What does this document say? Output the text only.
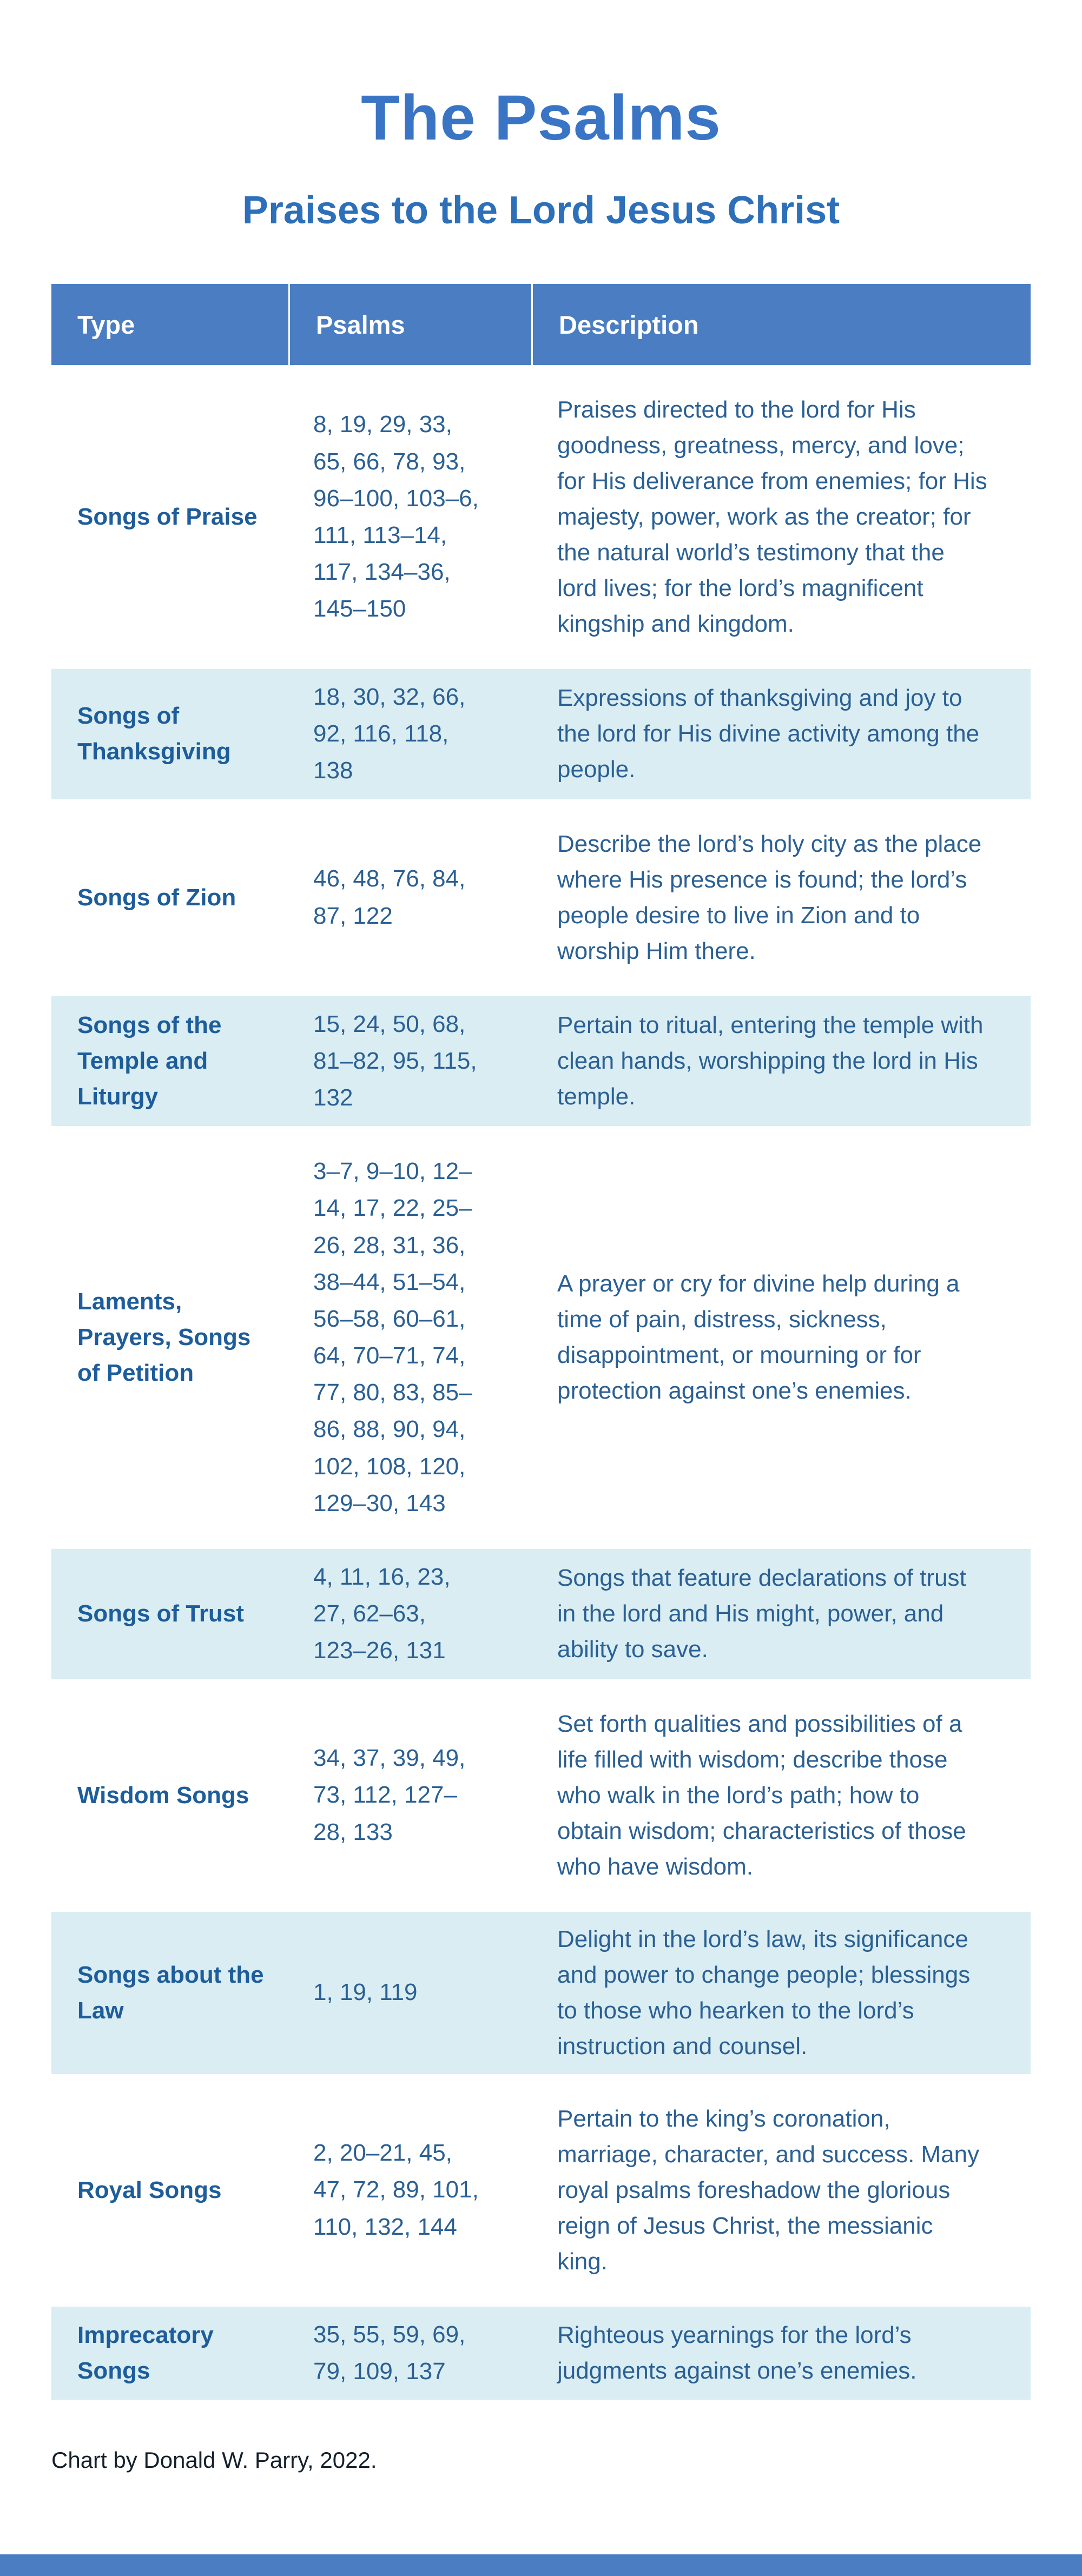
The Psalms
Praises to the Lord Jesus Christ
Type	Psalms	Description
Songs of Praise
8, 19, 29, 33, 65, 66, 78, 93, 96–100, 103–6, 111, 113–14, 117, 134–36, 145–150
Praises directed to the lord for His goodness, greatness, mercy, and love; for His deliverance from enemies; for His majesty, power, work as the creator; for the natural world’s testimony that the lord lives; for the lord’s magnificent kingship and kingdom.
Songs of Thanksgiving
18, 30, 32, 66, 92, 116, 118, 138
Expressions of thanksgiving and joy to the lord for His divine activity among the people.
Songs of Zion
46, 48, 76, 84, 87, 122
Describe the lord’s holy city as the place where His presence is found; the lord’s people desire to live in Zion and to worship Him there.
Songs of the Temple and Liturgy
15, 24, 50, 68, 81–82, 95, 115, 132
Pertain to ritual, entering the temple with clean hands, worshipping the lord in His temple.
Laments, Prayers, Songs of Petition
3–7, 9–10, 12–14, 17, 22, 25–26, 28, 31, 36, 38–44, 51–54, 56–58, 60–61, 64, 70–71, 74, 77, 80, 83, 85–86, 88, 90, 94, 102, 108, 120, 129–30, 143
A prayer or cry for divine help during a time of pain, distress, sickness, disappointment, or mourning or for protection against one’s enemies.
Songs of Trust
4, 11, 16, 23, 27, 62–63, 123–26, 131
Songs that feature declarations of trust in the lord and His might, power, and ability to save.
Wisdom Songs
34, 37, 39, 49, 73, 112, 127–28, 133
Set forth qualities and possibilities of a life filled with wisdom; describe those who walk in the lord’s path; how to obtain wisdom; characteristics of those who have wisdom.
Songs about the Law
1, 19, 119
Delight in the lord’s law, its significance and power to change people; blessings to those who hearken to the lord’s instruction and counsel.
Royal Songs
2, 20–21, 45, 47, 72, 89, 101, 110, 132, 144
Pertain to the king’s coronation, marriage, character, and success. Many royal psalms foreshadow the glorious reign of Jesus Christ, the messianic king.
Imprecatory Songs
35, 55, 59, 69, 79, 109, 137
Righteous yearnings for the lord’s judgments against one’s enemies.

Chart by Donald W. Parry, 2022.
